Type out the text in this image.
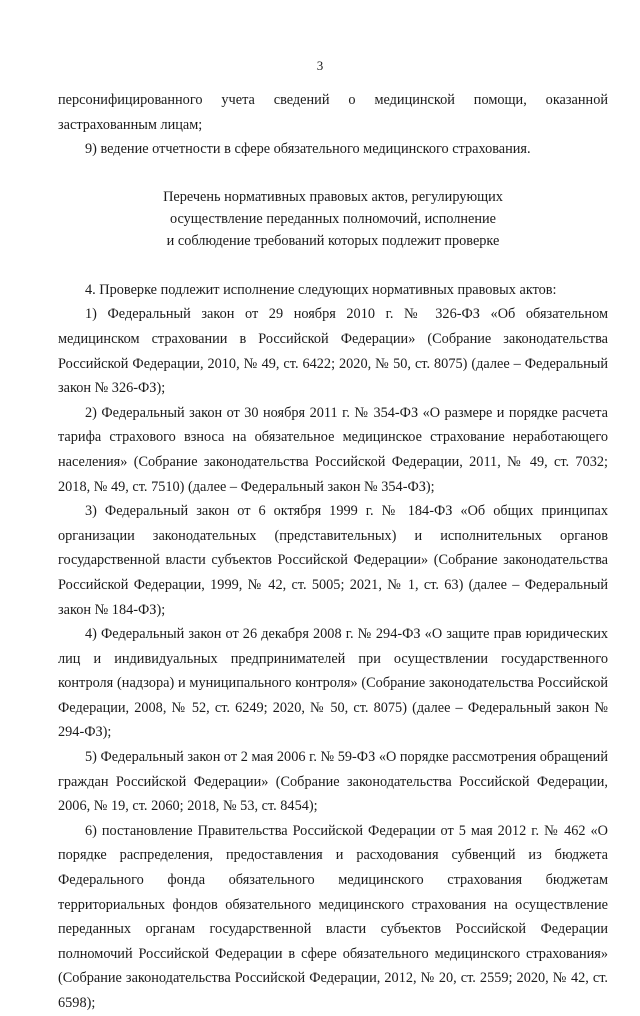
3

персонифицированного учета сведений о медицинской помощи, оказанной застрахованным лицам;

9) ведение отчетности в сфере обязательного медицинского страхования.

Перечень нормативных правовых актов, регулирующих
осуществление переданных полномочий, исполнение
и соблюдение требований которых подлежит проверке

4. Проверке подлежит исполнение следующих нормативных правовых актов:

1) Федеральный закон от 29 ноября 2010 г. № 326-ФЗ «Об обязательном медицинском страховании в Российской Федерации» (Собрание законодательства Российской Федерации, 2010, № 49, ст. 6422; 2020, № 50, ст. 8075) (далее – Федеральный закон № 326-ФЗ);

2) Федеральный закон от 30 ноября 2011 г. № 354-ФЗ «О размере и порядке расчета тарифа страхового взноса на обязательное медицинское страхование неработающего населения» (Собрание законодательства Российской Федерации, 2011, № 49, ст. 7032; 2018, № 49, ст. 7510) (далее – Федеральный закон № 354-ФЗ);

3) Федеральный закон от 6 октября 1999 г. № 184-ФЗ «Об общих принципах организации законодательных (представительных) и исполнительных органов государственной власти субъектов Российской Федерации» (Собрание законодательства Российской Федерации, 1999, № 42, ст. 5005; 2021, № 1, ст. 63) (далее – Федеральный закон № 184-ФЗ);

4) Федеральный закон от 26 декабря 2008 г. № 294-ФЗ «О защите прав юридических лиц и индивидуальных предпринимателей при осуществлении государственного контроля (надзора) и муниципального контроля» (Собрание законодательства Российской Федерации, 2008, № 52, ст. 6249; 2020, № 50, ст. 8075) (далее – Федеральный закон № 294-ФЗ);

5) Федеральный закон от 2 мая 2006 г. № 59-ФЗ «О порядке рассмотрения обращений граждан Российской Федерации» (Собрание законодательства Российской Федерации, 2006, № 19, ст. 2060; 2018, № 53, ст. 8454);

6) постановление Правительства Российской Федерации от 5 мая 2012 г. № 462 «О порядке распределения, предоставления и расходования субвенций из бюджета Федерального фонда обязательного медицинского страхования бюджетам территориальных фондов обязательного медицинского страхования на осуществление переданных органам государственной власти субъектов Российской Федерации полномочий Российской Федерации в сфере обязательного медицинского страхования» (Собрание законодательства Российской Федерации, 2012, № 20, ст. 2559; 2020, № 42, ст. 6598);
